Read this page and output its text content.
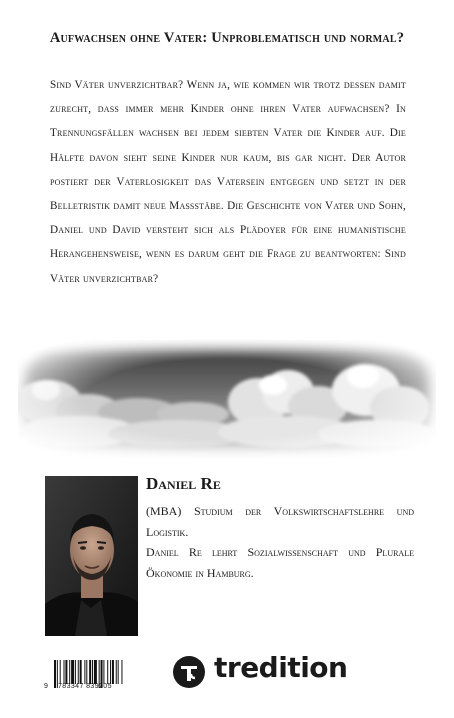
Aufwachsen ohne Vater: Unproblematisch und normal?
Sind Väter unverzichtbar? Wenn ja, wie kommen wir trotz dessen damit zurecht, dass immer mehr Kinder ohne ihren Vater aufwachsen? In Trennungsfällen wachsen bei jedem siebten Vater die Kinder auf. Die Hälfte davon sieht seine Kinder nur kaum, bis gar nicht. Der Autor postiert der Vaterlosigkeit das Vatersein entgegen und setzt in der Belletristik damit neue Maßstäbe. Die Geschichte von Vater und Sohn, Daniel und David versteht sich als Plädoyer für eine humanistische Herangehensweise, wenn es darum geht die Frage zu beantworten: Sind Väter unverzichtbar?
Daniel Re
(MBA) Studium der Volkswirtschaftslehre und Logistik.
Daniel Re lehrt Sozialwissenschaft und Plurale Ökonomie in Hamburg.
9 783347 839205
tredition
